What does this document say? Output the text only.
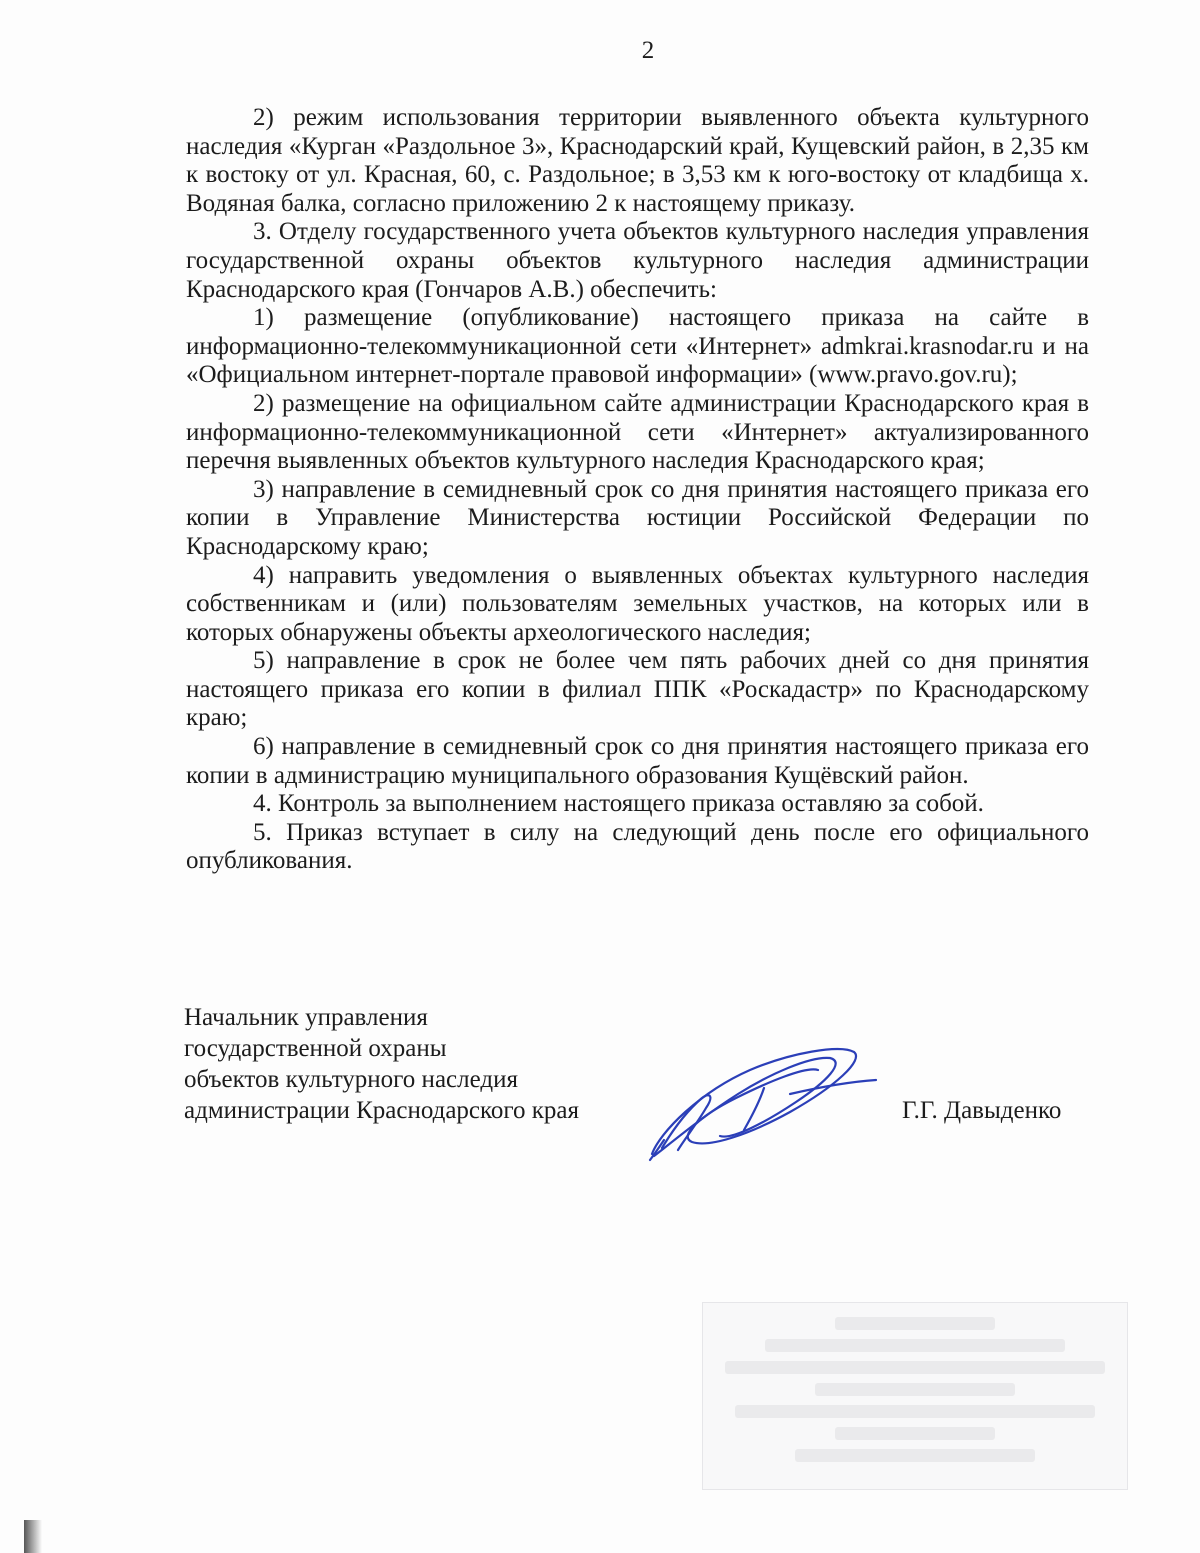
2

2) режим использования территории выявленного объекта культурного наследия «Курган «Раздольное 3», Краснодарский край, Кущевский район, в 2,35 км к востоку от ул. Красная, 60, с. Раздольное; в 3,53 км к юго-востоку от кладбища х. Водяная балка, согласно приложению 2 к настоящему приказу.

3. Отделу государственного учета объектов культурного наследия управления государственной охраны объектов культурного наследия администрации Краснодарского края (Гончаров А.В.) обеспечить:

1) размещение (опубликование) настоящего приказа на сайте в информационно-телекоммуникационной сети «Интернет» admkrai.krasnodar.ru и на «Официальном интернет-портале правовой информации» (www.pravo.gov.ru);

2) размещение на официальном сайте администрации Краснодарского края в информационно-телекоммуникационной сети «Интернет» актуализированного перечня выявленных объектов культурного наследия Краснодарского края;

3) направление в семидневный срок со дня принятия настоящего приказа его копии в Управление Министерства юстиции Российской Федерации по Краснодарскому краю;

4) направить уведомления о выявленных объектах культурного наследия собственникам и (или) пользователям земельных участков, на которых или в которых обнаружены объекты археологического наследия;

5) направление в срок не более чем пять рабочих дней со дня принятия настоящего приказа его копии в филиал ППК «Роскадастр» по Краснодарскому краю;

6) направление в семидневный срок со дня принятия настоящего приказа его копии в администрацию муниципального образования Кущёвский район.

4. Контроль за выполнением настоящего приказа оставляю за собой.

5. Приказ вступает в силу на следующий день после его официального опубликования.

Начальник управления
государственной охраны
объектов культурного наследия
администрации Краснодарского края	Г.Г. Давыденко
